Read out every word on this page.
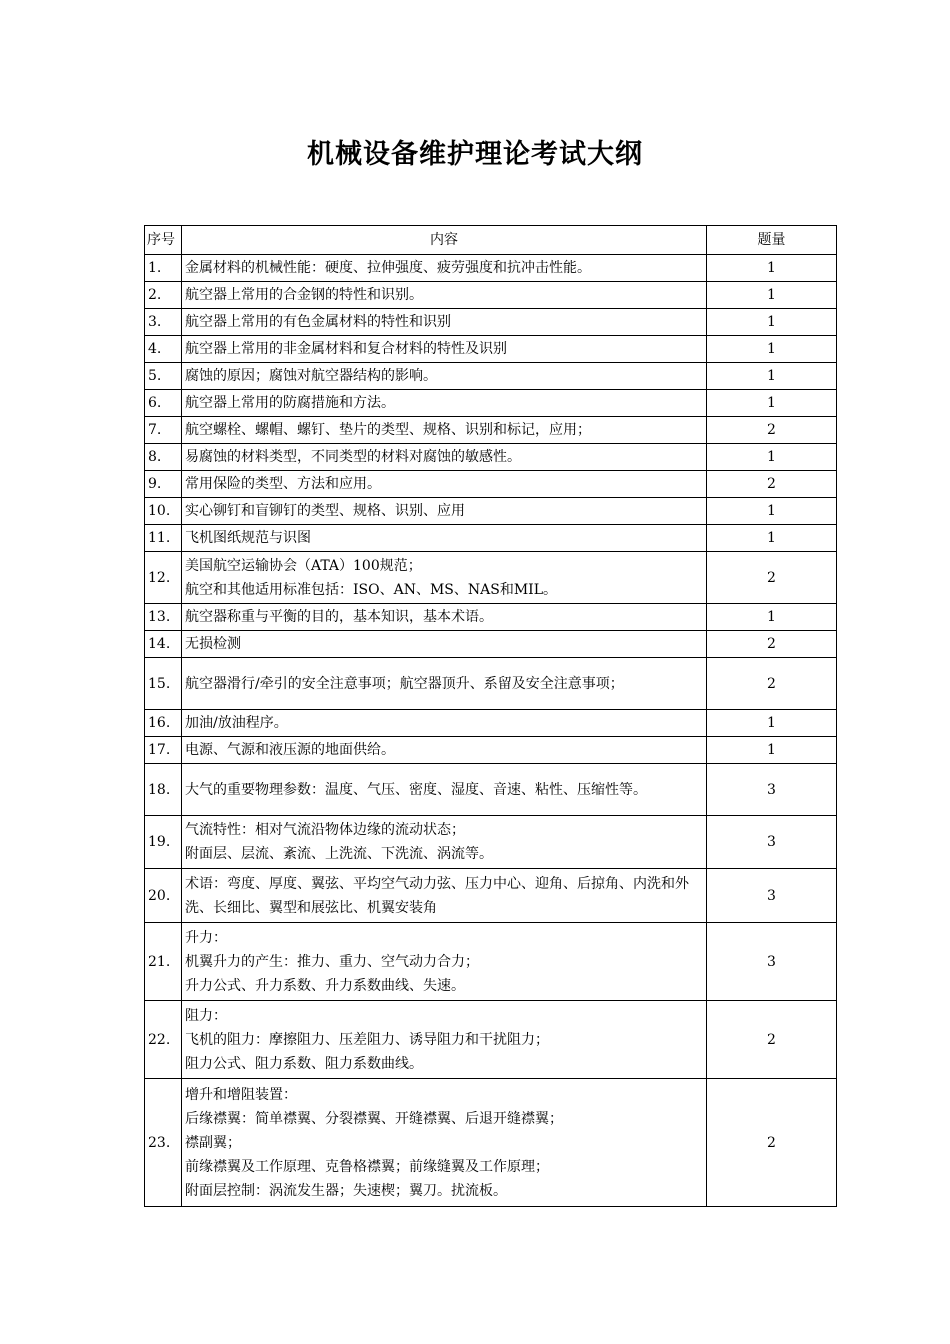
机械设备维护理论考试大纲
序号	内容	题量
1.	金属材料的机械性能：硬度、拉伸强度、疲劳强度和抗冲击性能。	1
2.	航空器上常用的合金钢的特性和识别。	1
3.	航空器上常用的有色金属材料的特性和识别	1
4.	航空器上常用的非金属材料和复合材料的特性及识别	1
5.	腐蚀的原因；腐蚀对航空器结构的影响。	1
6.	航空器上常用的防腐措施和方法。	1
7.	航空螺栓、螺帽、螺钉、垫片的类型、规格、识别和标记，应用；	2
8.	易腐蚀的材料类型，不同类型的材料对腐蚀的敏感性。	1
9.	常用保险的类型、方法和应用。	2
10.	实心铆钉和盲铆钉的类型、规格、识别、应用	1
11.	飞机图纸规范与识图	1
12.	美国航空运输协会（ATA）100规范；
航空和其他适用标准包括：ISO、AN、MS、NAS和MIL。	2
13.	航空器称重与平衡的目的，基本知识，基本术语。	1
14.	无损检测	2
15.	航空器滑行/牵引的安全注意事项；航空器顶升、系留及安全注意事项；	2
16.	加油/放油程序。	1
17.	电源、气源和液压源的地面供给。	1
18.	大气的重要物理参数：温度、气压、密度、湿度、音速、粘性、压缩性等。	3
19.	气流特性：相对气流沿物体边缘的流动状态；
附面层、层流、紊流、上洗流、下洗流、涡流等。	3
20.	术语：弯度、厚度、翼弦、平均空气动力弦、压力中心、迎角、后掠角、内洗和外洗、长细比、翼型和展弦比、机翼安装角	3
21.	升力：
机翼升力的产生：推力、重力、空气动力合力；
升力公式、升力系数、升力系数曲线、失速。	3
22.	阻力：
飞机的阻力：摩擦阻力、压差阻力、诱导阻力和干扰阻力；
阻力公式、阻力系数、阻力系数曲线。	2
23.	增升和增阻装置：
后缘襟翼：简单襟翼、分裂襟翼、开缝襟翼、后退开缝襟翼；
襟副翼；
前缘襟翼及工作原理、克鲁格襟翼；前缘缝翼及工作原理；
附面层控制：涡流发生器；失速楔；翼刀。扰流板。	2
